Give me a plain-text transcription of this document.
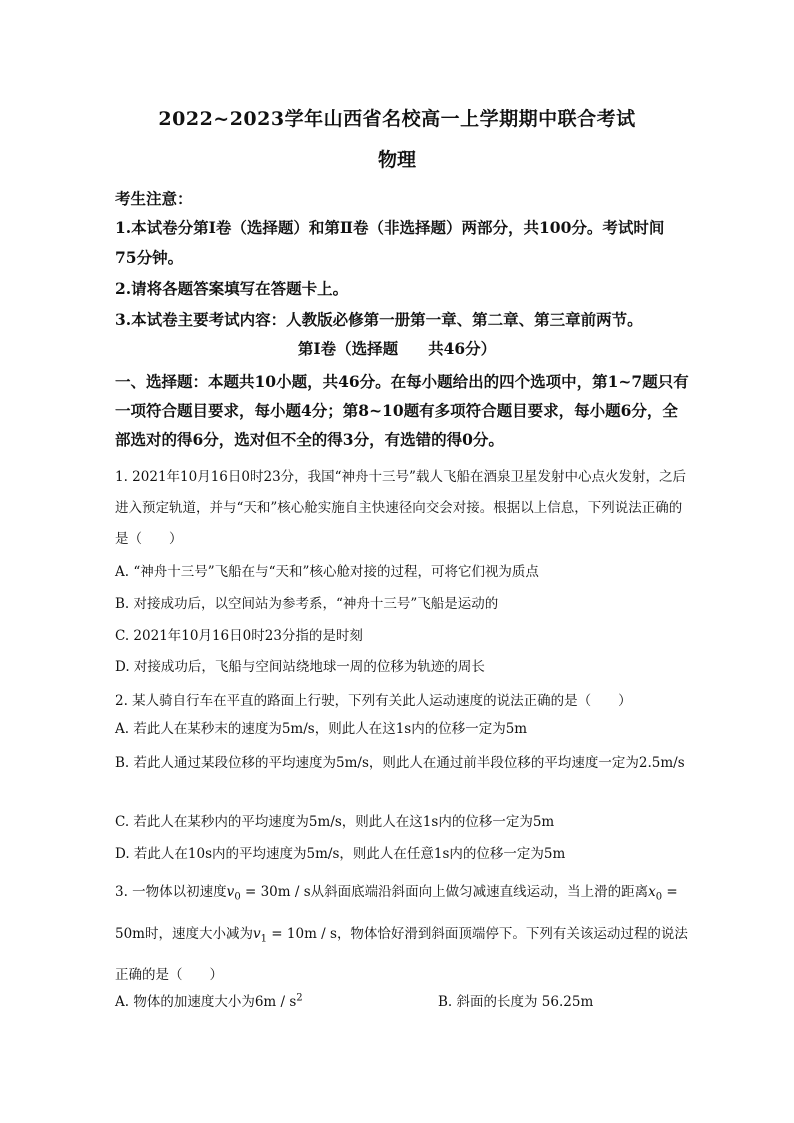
2022~2023学年山西省名校高一上学期期中联合考试
物理
考生注意：
1.本试卷分第Ⅰ卷（选择题）和第Ⅱ卷（非选择题）两部分，共100分。考试时间75分钟。
2.请将各题答案填写在答题卡上。
3.本试卷主要考试内容：人教版必修第一册第一章、第二章、第三章前两节。
第Ⅰ卷（选择题 共46分）
一、选择题：本题共10小题，共46分。在每小题给出的四个选项中，第1~7题只有一项符合题目要求，每小题4分；第8~10题有多项符合题目要求，每小题6分，全部选对的得6分，选对但不全的得3分，有选错的得0分。
1. 2021年10月16日0时23分，我国“神舟十三号”载人飞船在酒泉卫星发射中心点火发射，之后进入预定轨道，并与“天和”核心舱实施自主快速径向交会对接。根据以上信息，下列说法正确的是（　　）
A. “神舟十三号”飞船在与“天和”核心舱对接的过程，可将它们视为质点
B. 对接成功后，以空间站为参考系，“神舟十三号”飞船是运动的
C. 2021年10月16日0时23分指的是时刻
D. 对接成功后，飞船与空间站绕地球一周的位移为轨迹的周长
2. 某人骑自行车在平直的路面上行驶，下列有关此人运动速度的说法正确的是（　　）
A. 若此人在某秒末的速度为5m/s，则此人在这1s内的位移一定为5m
B. 若此人通过某段位移的平均速度为5m/s，则此人在通过前半段位移的平均速度一定为2.5m/s
C. 若此人在某秒内的平均速度为5m/s，则此人在这1s内的位移一定为5m
D. 若此人在10s内的平均速度为5m/s，则此人在任意1s内的位移一定为5m
3. 一物体以初速度$v_0 = 30m / s$从斜面底端沿斜面向上做匀减速直线运动，当上滑的距离$x_0 = 50m$时，速度大小减为$v_1 = 10m / s$，物体恰好滑到斜面顶端停下。下列有关该运动过程的说法正确的是（　　）
A. 物体的加速度大小为$6m / s^2$	B. 斜面的长度为 56.25m
